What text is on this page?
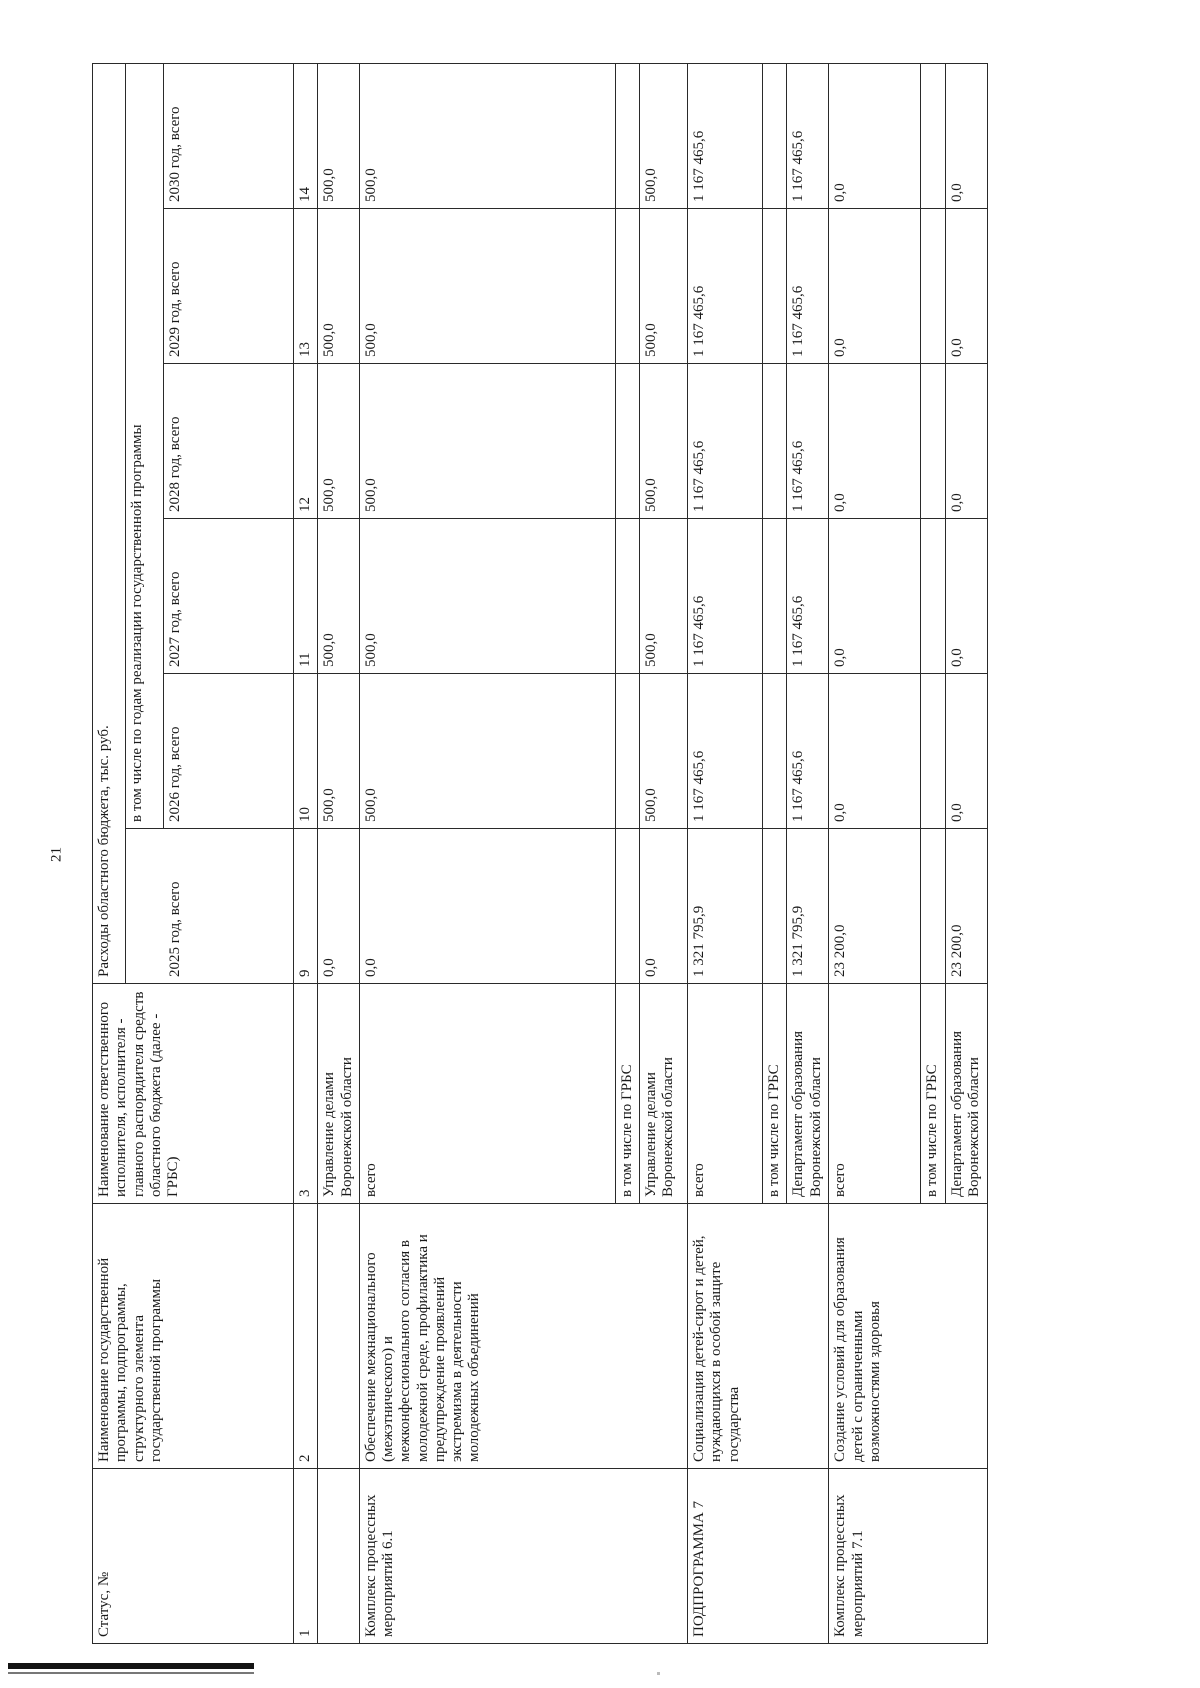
21
Статус, №	Наименование государственной программы, подпрограммы, структурного элемента государственной программы	Наименование ответственного исполнителя, исполнителя - главного распорядителя средств областного бюджета (далее - ГРБС)	Расходы областного бюджета, тыс. руб.					
				в том числе по годам реализации государственной программы				
			2025 год, всего	2026 год, всего	2027 год, всего	2028 год, всего	2029 год, всего	2030 год, всего
1	2	3	9	10	11	12	13	14
		Управление делами Воронежской области	0,0	500,0	500,0	500,0	500,0	500,0
Комплекс процессных мероприятий 6.1	Обеспечение межнационального (межэтнического) и межконфессионального согласия в молодежной среде, профилактика и предупреждение проявлений экстремизма в деятельности молодежных объединений	всего	0,0	500,0	500,0	500,0	500,0	500,0
		в том числе по ГРБС						
		Управление делами Воронежской области	0,0	500,0	500,0	500,0	500,0	500,0
ПОДПРОГРАММА 7	Социализация детей-сирот и детей, нуждающихся в особой защите государства	всего	1 321 795,9	1 167 465,6	1 167 465,6	1 167 465,6	1 167 465,6	1 167 465,6
		в том числе по ГРБС						
		Департамент образования Воронежской области	1 321 795,9	1 167 465,6	1 167 465,6	1 167 465,6	1 167 465,6	1 167 465,6
Комплекс процессных мероприятий 7.1	Создание условий для образования детей с ограниченными возможностями здоровья	всего	23 200,0	0,0	0,0	0,0	0,0	0,0
		в том числе по ГРБС						
		Департамент образования Воронежской области	23 200,0	0,0	0,0	0,0	0,0	0,0
